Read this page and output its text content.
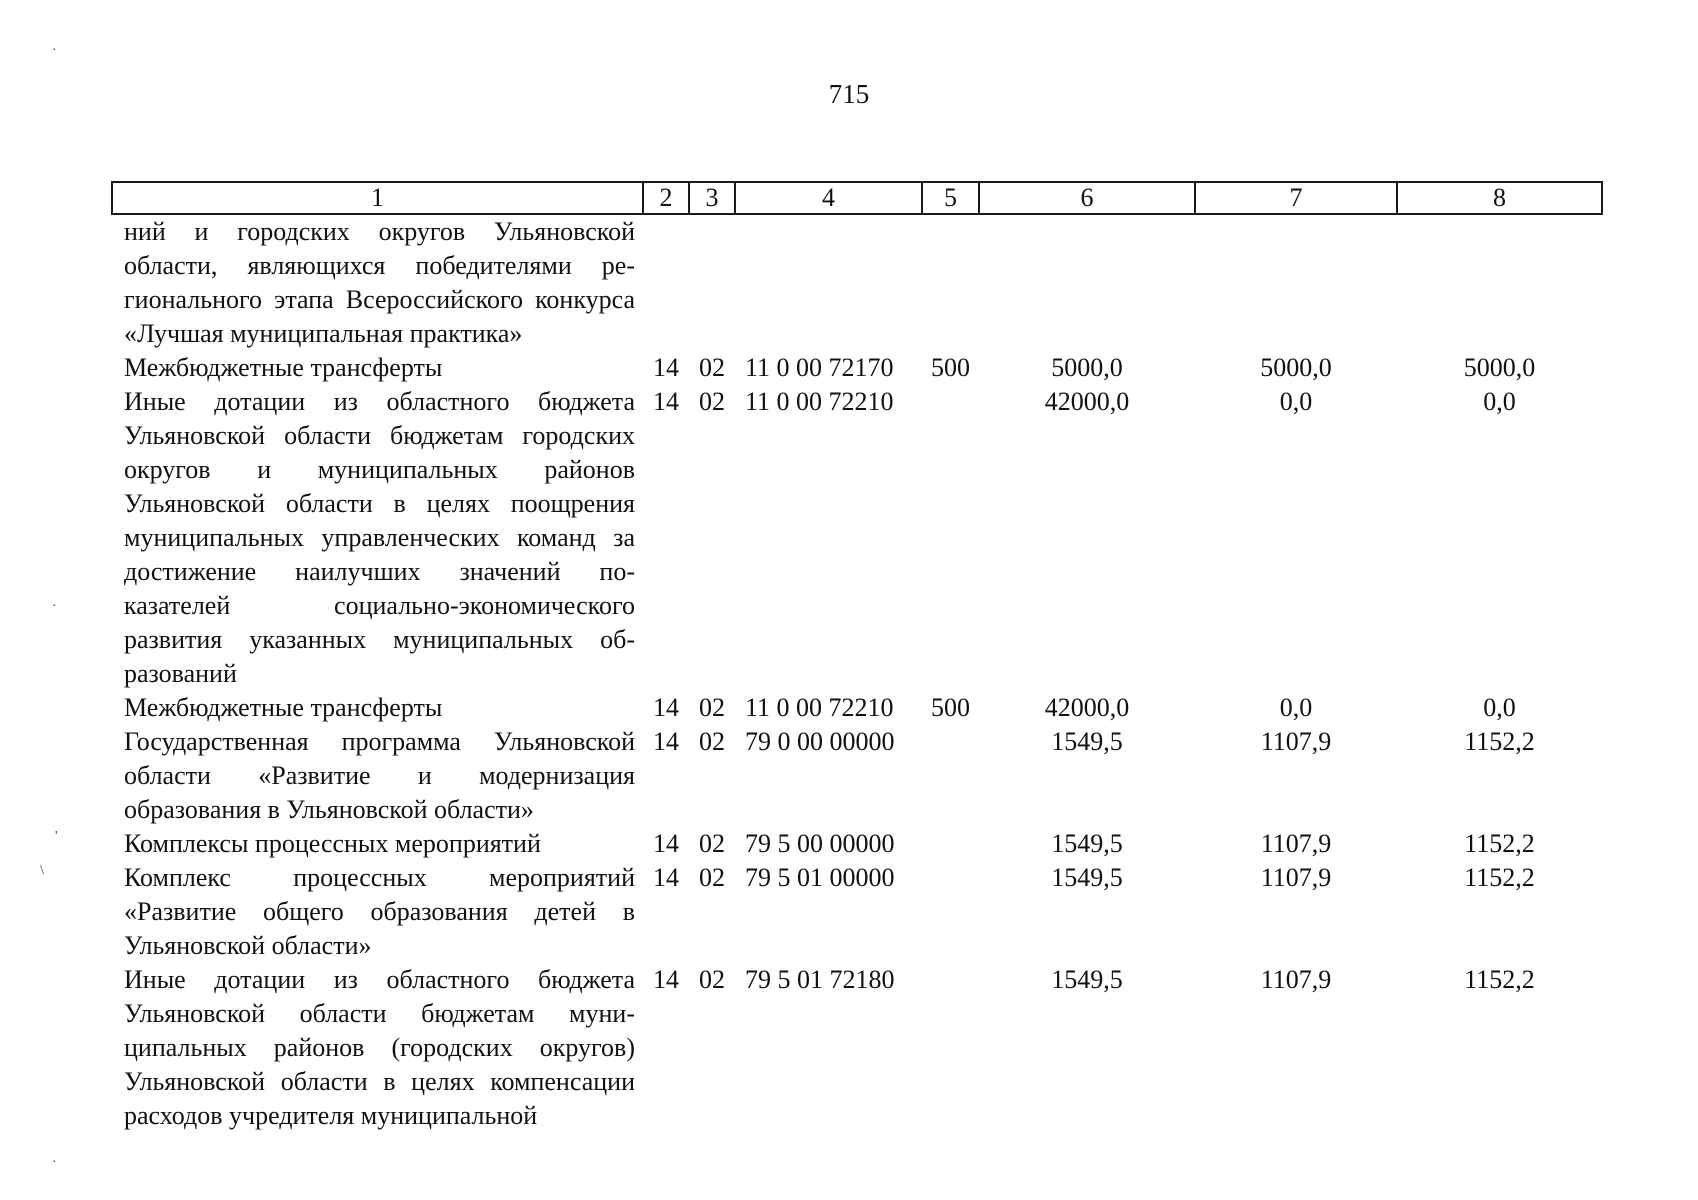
715
1	2	3	4	5	6	7	8
ний и городских округов Ульяновской области, являющихся победителями регионального этапа Всероссийского конкурса «Лучшая муниципальная практика»							
Межбюджетные трансферты	14	02	11 0 00 72170	500	5000,0	5000,0	5000,0
Иные дотации из областного бюджета Ульяновской области бюджетам городских округов и муниципальных районов Ульяновской области в целях поощрения муниципальных управленческих команд за достижение наилучших значений показателей социально-экономического развития указанных муниципальных образований	14	02	11 0 00 72210		42000,0	0,0	0,0
Межбюджетные трансферты	14	02	11 0 00 72210	500	42000,0	0,0	0,0
Государственная программа Ульяновской области «Развитие и модернизация образования в Ульяновской области»	14	02	79 0 00 00000		1549,5	1107,9	1152,2
Комплексы процессных мероприятий	14	02	79 5 00 00000		1549,5	1107,9	1152,2
Комплекс процессных мероприятий «Развитие общего образования детей в Ульяновской области»	14	02	79 5 01 00000		1549,5	1107,9	1152,2
Иные дотации из областного бюджета Ульяновской области бюджетам муниципальных районов (городских округов) Ульяновской области в целях компенсации расходов учредителя муниципальной	14	02	79 5 01 72180		1549,5	1107,9	1152,2
·
·
'
\
·
